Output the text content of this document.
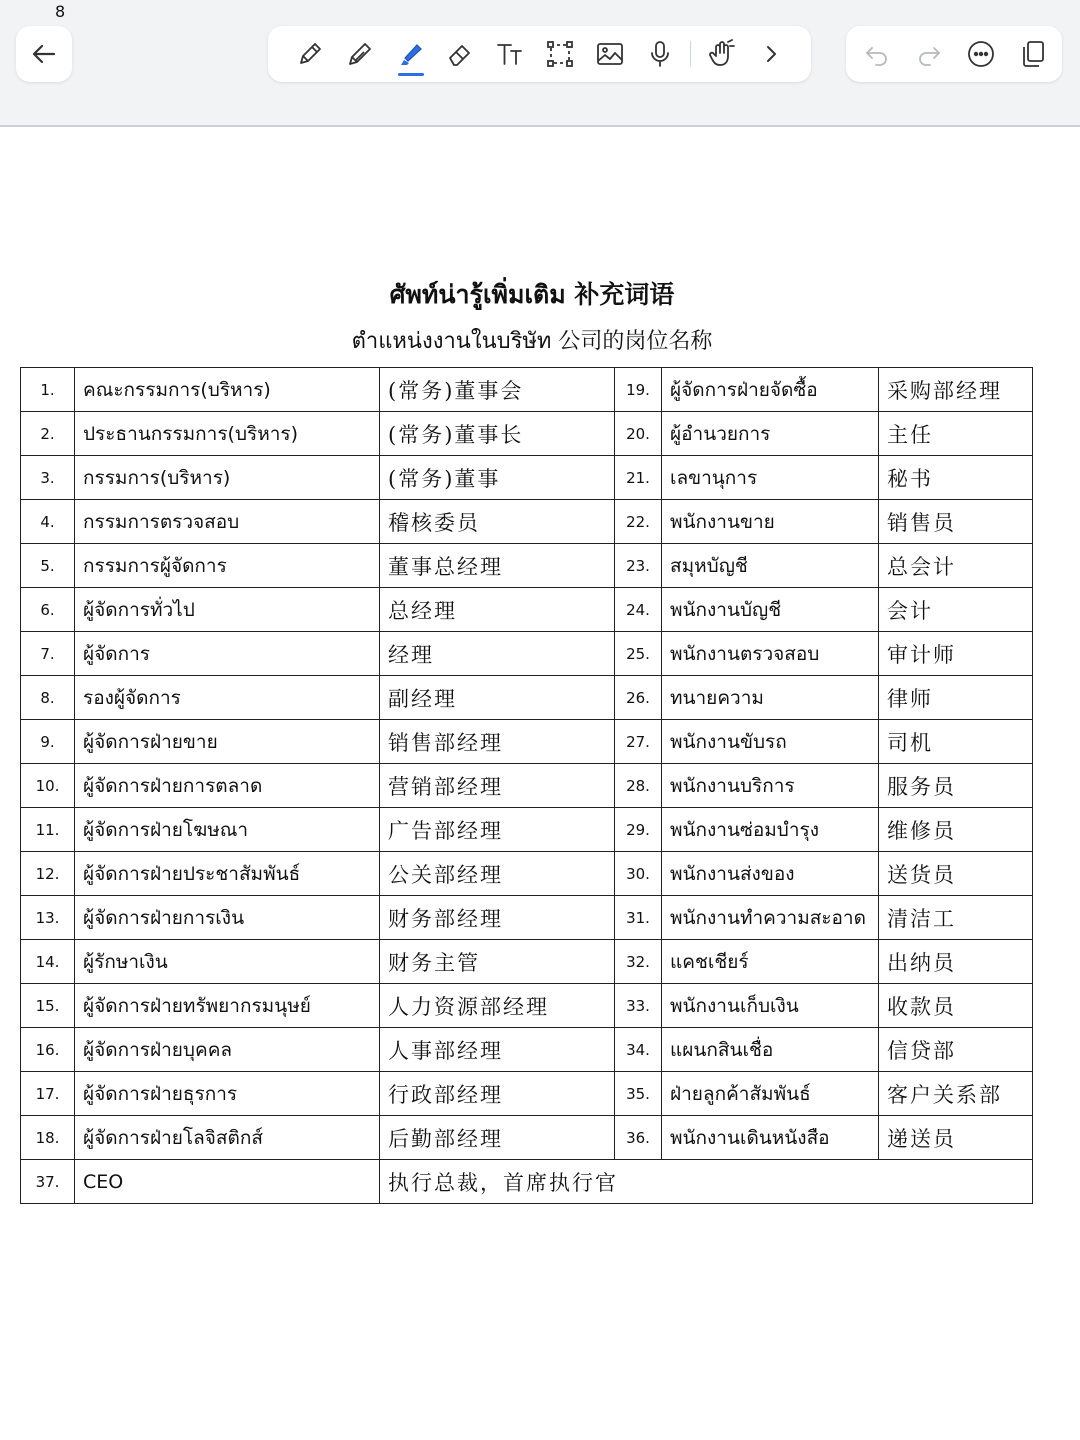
8
ศัพท์น่ารู้เพิ่มเติม 补充词语
ตำแหน่งงานในบริษัท 公司的岗位名称
1.	คณะกรรมการ(บริหาร)	(常务)董事会	19.	ผู้จัดการฝ่ายจัดซื้อ	采购部经理
2.	ประธานกรรมการ(บริหาร)	(常务)董事长	20.	ผู้อำนวยการ	主任
3.	กรรมการ(บริหาร)	(常务)董事	21.	เลขานุการ	秘书
4.	กรรมการตรวจสอบ	稽核委员	22.	พนักงานขาย	销售员
5.	กรรมการผู้จัดการ	董事总经理	23.	สมุหบัญชี	总会计
6.	ผู้จัดการทั่วไป	总经理	24.	พนักงานบัญชี	会计
7.	ผู้จัดการ	经理	25.	พนักงานตรวจสอบ	审计师
8.	รองผู้จัดการ	副经理	26.	ทนายความ	律师
9.	ผู้จัดการฝ่ายขาย	销售部经理	27.	พนักงานขับรถ	司机
10.	ผู้จัดการฝ่ายการตลาด	营销部经理	28.	พนักงานบริการ	服务员
11.	ผู้จัดการฝ่ายโฆษณา	广告部经理	29.	พนักงานซ่อมบำรุง	维修员
12.	ผู้จัดการฝ่ายประชาสัมพันธ์	公关部经理	30.	พนักงานส่งของ	送货员
13.	ผู้จัดการฝ่ายการเงิน	财务部经理	31.	พนักงานทำความสะอาด	清洁工
14.	ผู้รักษาเงิน	财务主管	32.	แคชเชียร์	出纳员
15.	ผู้จัดการฝ่ายทรัพยากรมนุษย์	人力资源部经理	33.	พนักงานเก็บเงิน	收款员
16.	ผู้จัดการฝ่ายบุคคล	人事部经理	34.	แผนกสินเชื่อ	信贷部
17.	ผู้จัดการฝ่ายธุรการ	行政部经理	35.	ฝ่ายลูกค้าสัมพันธ์	客户关系部
18.	ผู้จัดการฝ่ายโลจิสติกส์	后勤部经理	36.	พนักงานเดินหนังสือ	递送员
37.	CEO	执行总裁，首席执行官			
